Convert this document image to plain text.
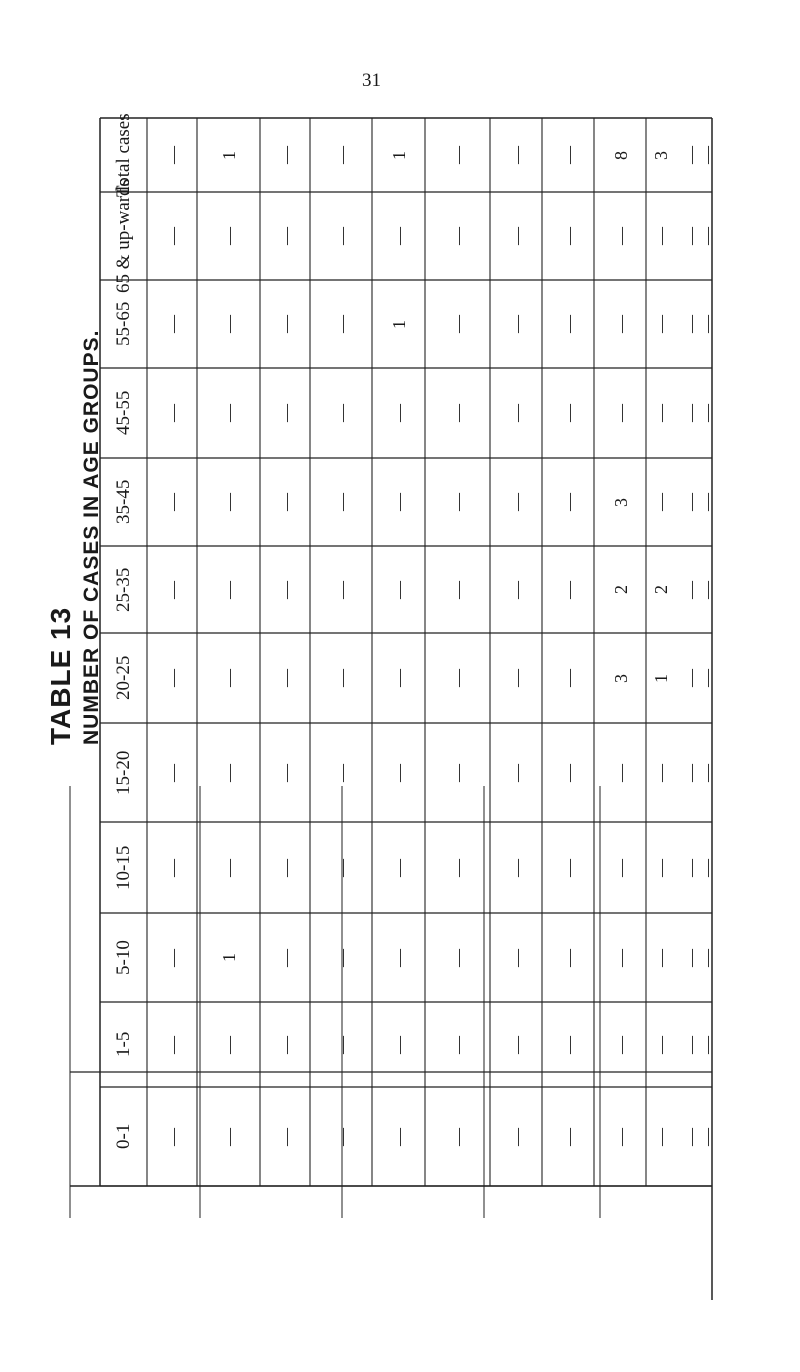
31
TABLE 13 NUMBER OF CASES IN AGE GROUPS.
Total cases
65 & up-wards
55-65
45-55
35-45
25-35
20-25
15-20
10-15
5-10
1-5
0-1 —
—
—
—
—
—
—
—
—
—
—
—
—
—
1
—
—
—
—
—
—
—
—
1
—
—
—
—
—
—
—
—
—
—
—
—
—
—
—
—
—
—
—
—
—
—
—
—
—
—
—
—
—
—
—
—
—
1
—
1
—
—
—
—
—
—
—
—
—
—
—
—
—
—
—
—
—
—
—
—
—
—
—
—
—
—
—
—
—
—
—
—
—
—
—
—
—
—
—
—
—
3
2
3
—
—
—
8
—
—
—
—
—
1
2
—
—
—
—
3
—
—
—
—
—
—
—
—
—
—
—
—
—
—
—
—
—
—
—
—
—
—
—
—
